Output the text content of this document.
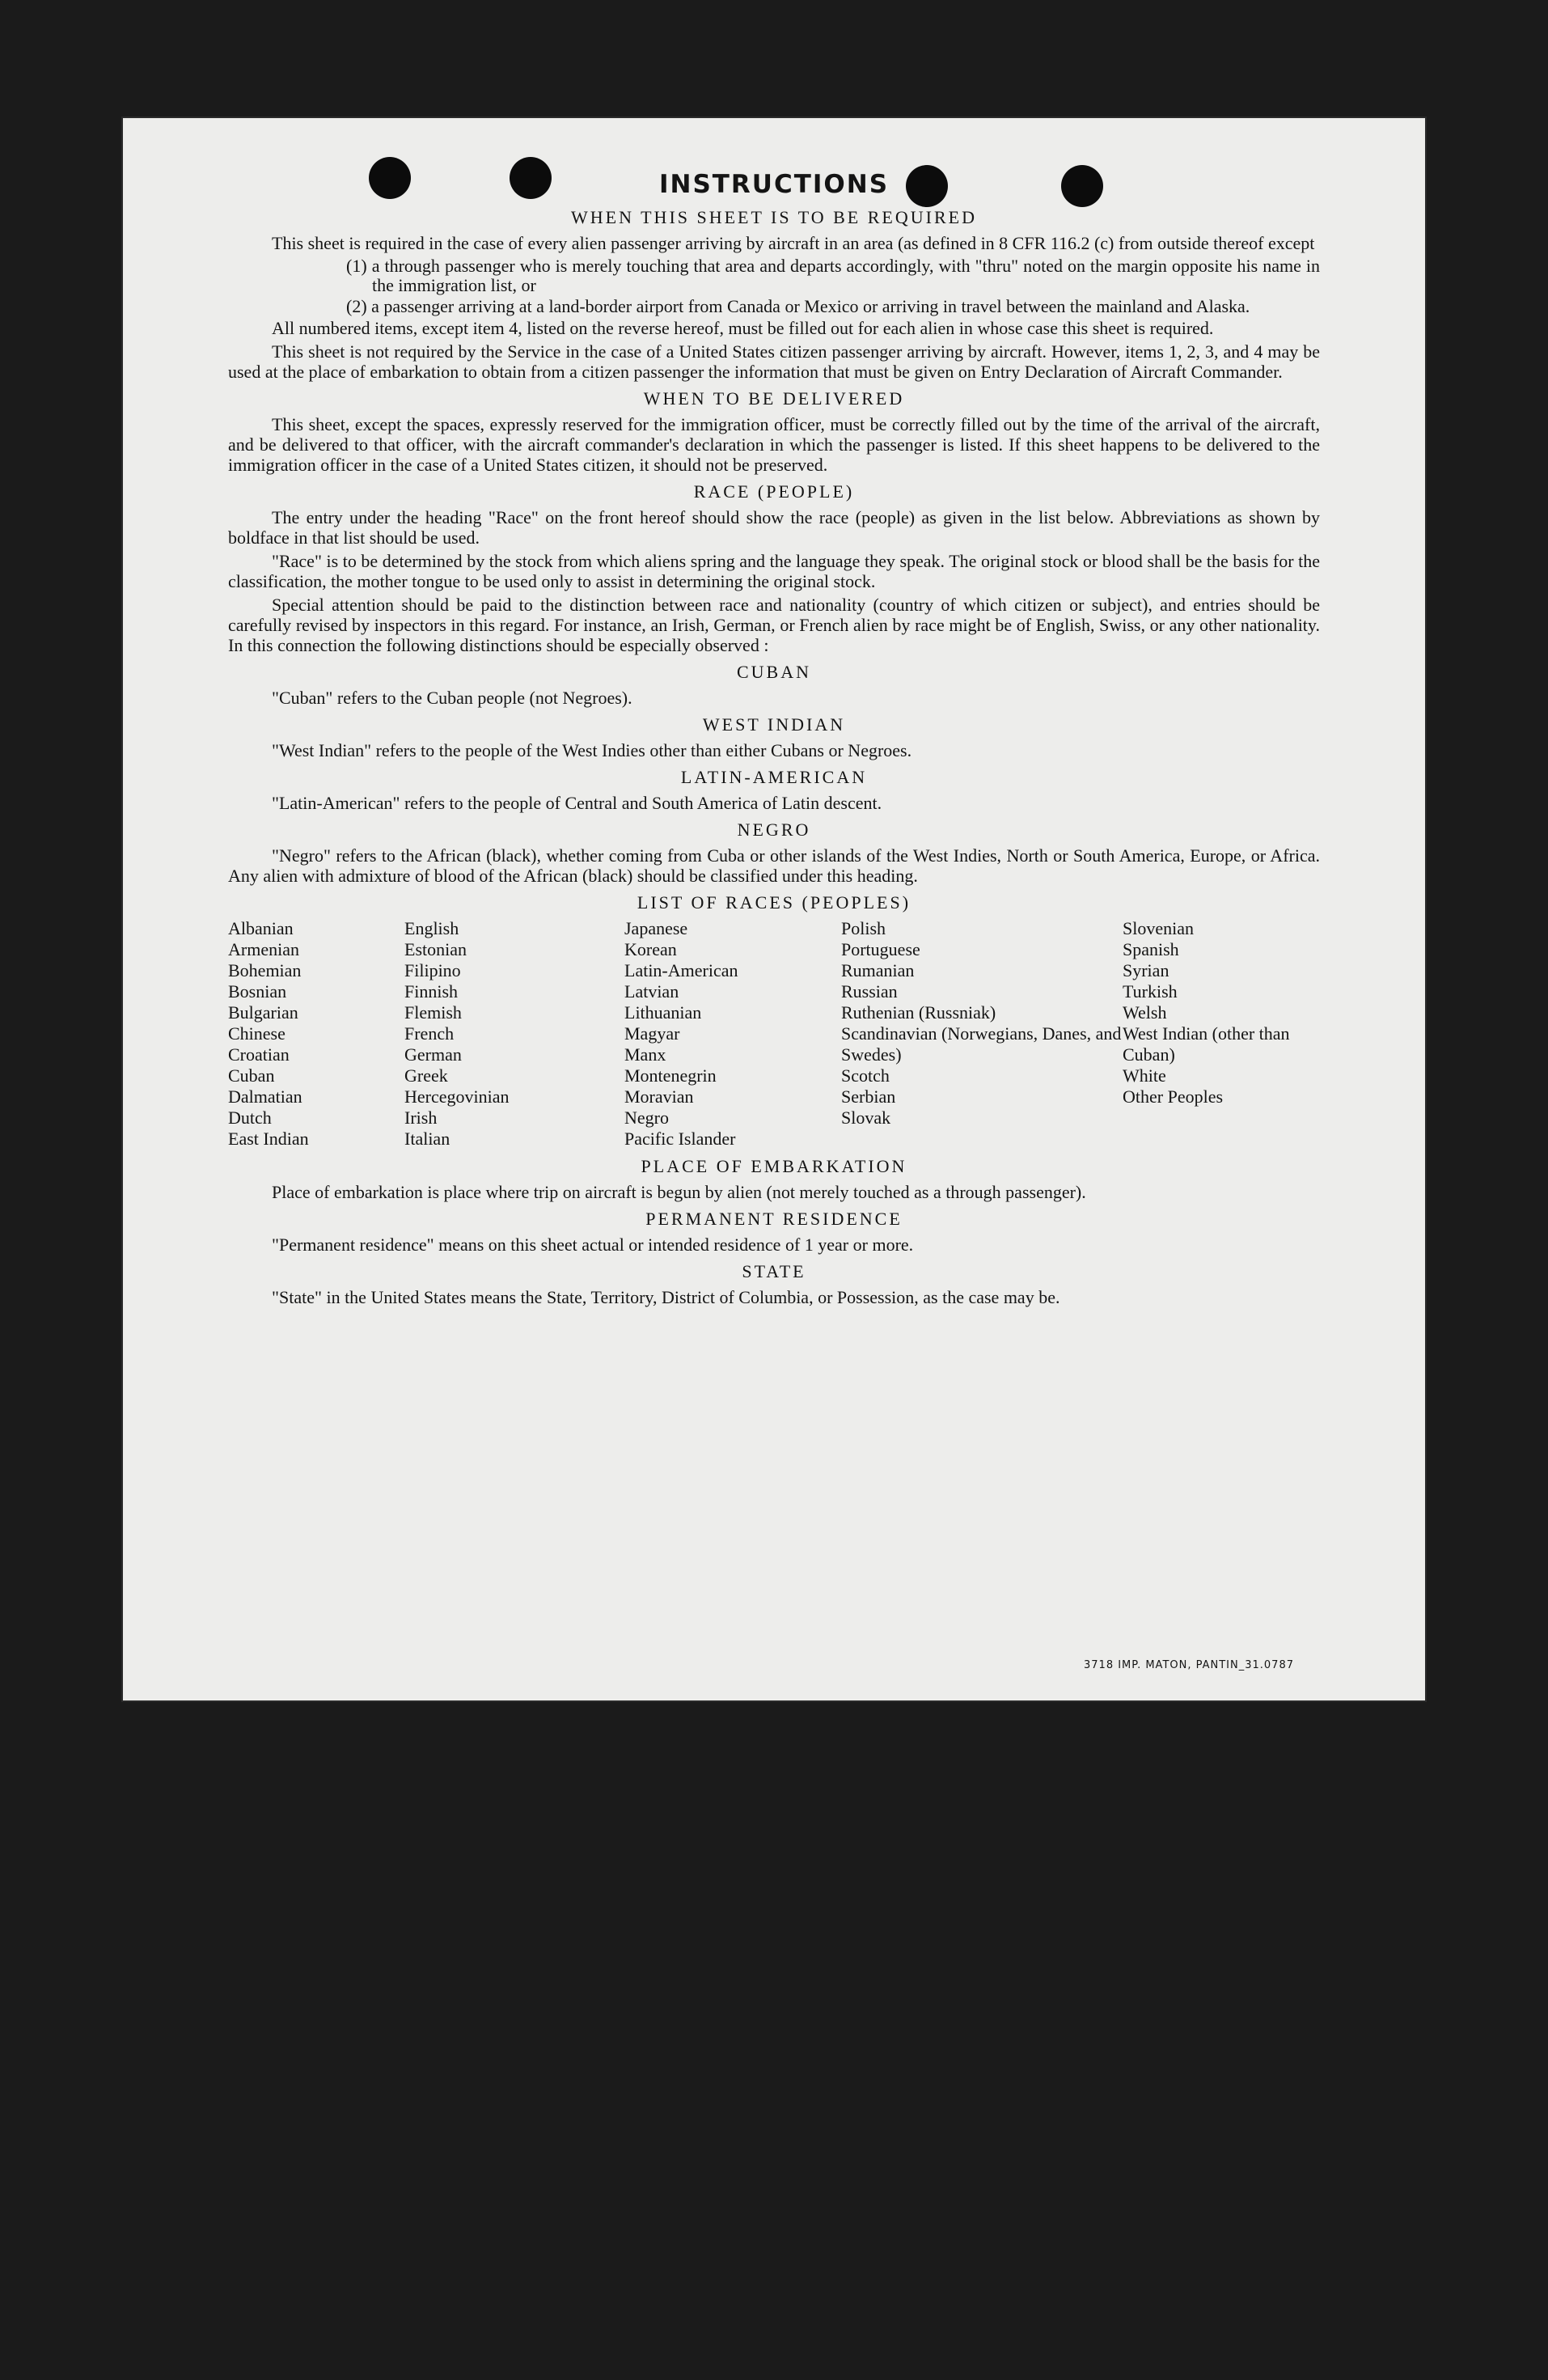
INSTRUCTIONS
WHEN THIS SHEET IS TO BE REQUIRED
This sheet is required in the case of every alien passenger arriving by aircraft in an area (as defined in 8 CFR 116.2 (c) from outside thereof except
(1) a through passenger who is merely touching that area and departs accordingly, with "thru" noted on the margin opposite his name in the immigration list, or
(2) a passenger arriving at a land-border airport from Canada or Mexico or arriving in travel between the mainland and Alaska.
All numbered items, except item 4, listed on the reverse hereof, must be filled out for each alien in whose case this sheet is required.
This sheet is not required by the Service in the case of a United States citizen passenger arriving by aircraft. However, items 1, 2, 3, and 4 may be used at the place of embarkation to obtain from a citizen passenger the information that must be given on Entry Declaration of Aircraft Commander.
WHEN TO BE DELIVERED
This sheet, except the spaces, expressly reserved for the immigration officer, must be correctly filled out by the time of the arrival of the aircraft, and be delivered to that officer, with the aircraft commander's declaration in which the passenger is listed. If this sheet happens to be delivered to the immigration officer in the case of a United States citizen, it should not be preserved.
RACE (PEOPLE)
The entry under the heading "Race" on the front hereof should show the race (people) as given in the list below. Abbreviations as shown by boldface in that list should be used.
"Race" is to be determined by the stock from which aliens spring and the language they speak. The original stock or blood shall be the basis for the classification, the mother tongue to be used only to assist in determining the original stock.
Special attention should be paid to the distinction between race and nationality (country of which citizen or subject), and entries should be carefully revised by inspectors in this regard. For instance, an Irish, German, or French alien by race might be of English, Swiss, or any other nationality. In this connection the following distinctions should be especially observed :
CUBAN
"Cuban" refers to the Cuban people (not Negroes).
WEST INDIAN
"West Indian" refers to the people of the West Indies other than either Cubans or Negroes.
LATIN-AMERICAN
"Latin-American" refers to the people of Central and South America of Latin descent.
NEGRO
"Negro" refers to the African (black), whether coming from Cuba or other islands of the West Indies, North or South America, Europe, or Africa. Any alien with admixture of blood of the African (black) should be classified under this heading.
LIST OF RACES (PEOPLES)
Albanian
Armenian
Bohemian
Bosnian
Bulgarian
Chinese
Croatian
Cuban
Dalmatian
Dutch
East Indian
English
Estonian
Filipino
Finnish
Flemish
French
German
Greek
Hercegovinian
Irish
Italian
Japanese
Korean
Latin-American
Latvian
Lithuanian
Magyar
Manx
Montenegrin
Moravian
Negro
Pacific Islander
Polish
Portuguese
Rumanian
Russian
Ruthenian (Russniak)
Scandinavian (Norwegians, Danes, and Swedes)
Scotch
Serbian
Slovak
Slovenian
Spanish
Syrian
Turkish
Welsh
West Indian (other than Cuban)
White
Other Peoples
PLACE OF EMBARKATION
Place of embarkation is place where trip on aircraft is begun by alien (not merely touched as a through passenger).
PERMANENT RESIDENCE
"Permanent residence" means on this sheet actual or intended residence of 1 year or more.
STATE
"State" in the United States means the State, Territory, District of Columbia, or Possession, as the case may be.
3718 IMP. MATON, PANTIN_31.0787
